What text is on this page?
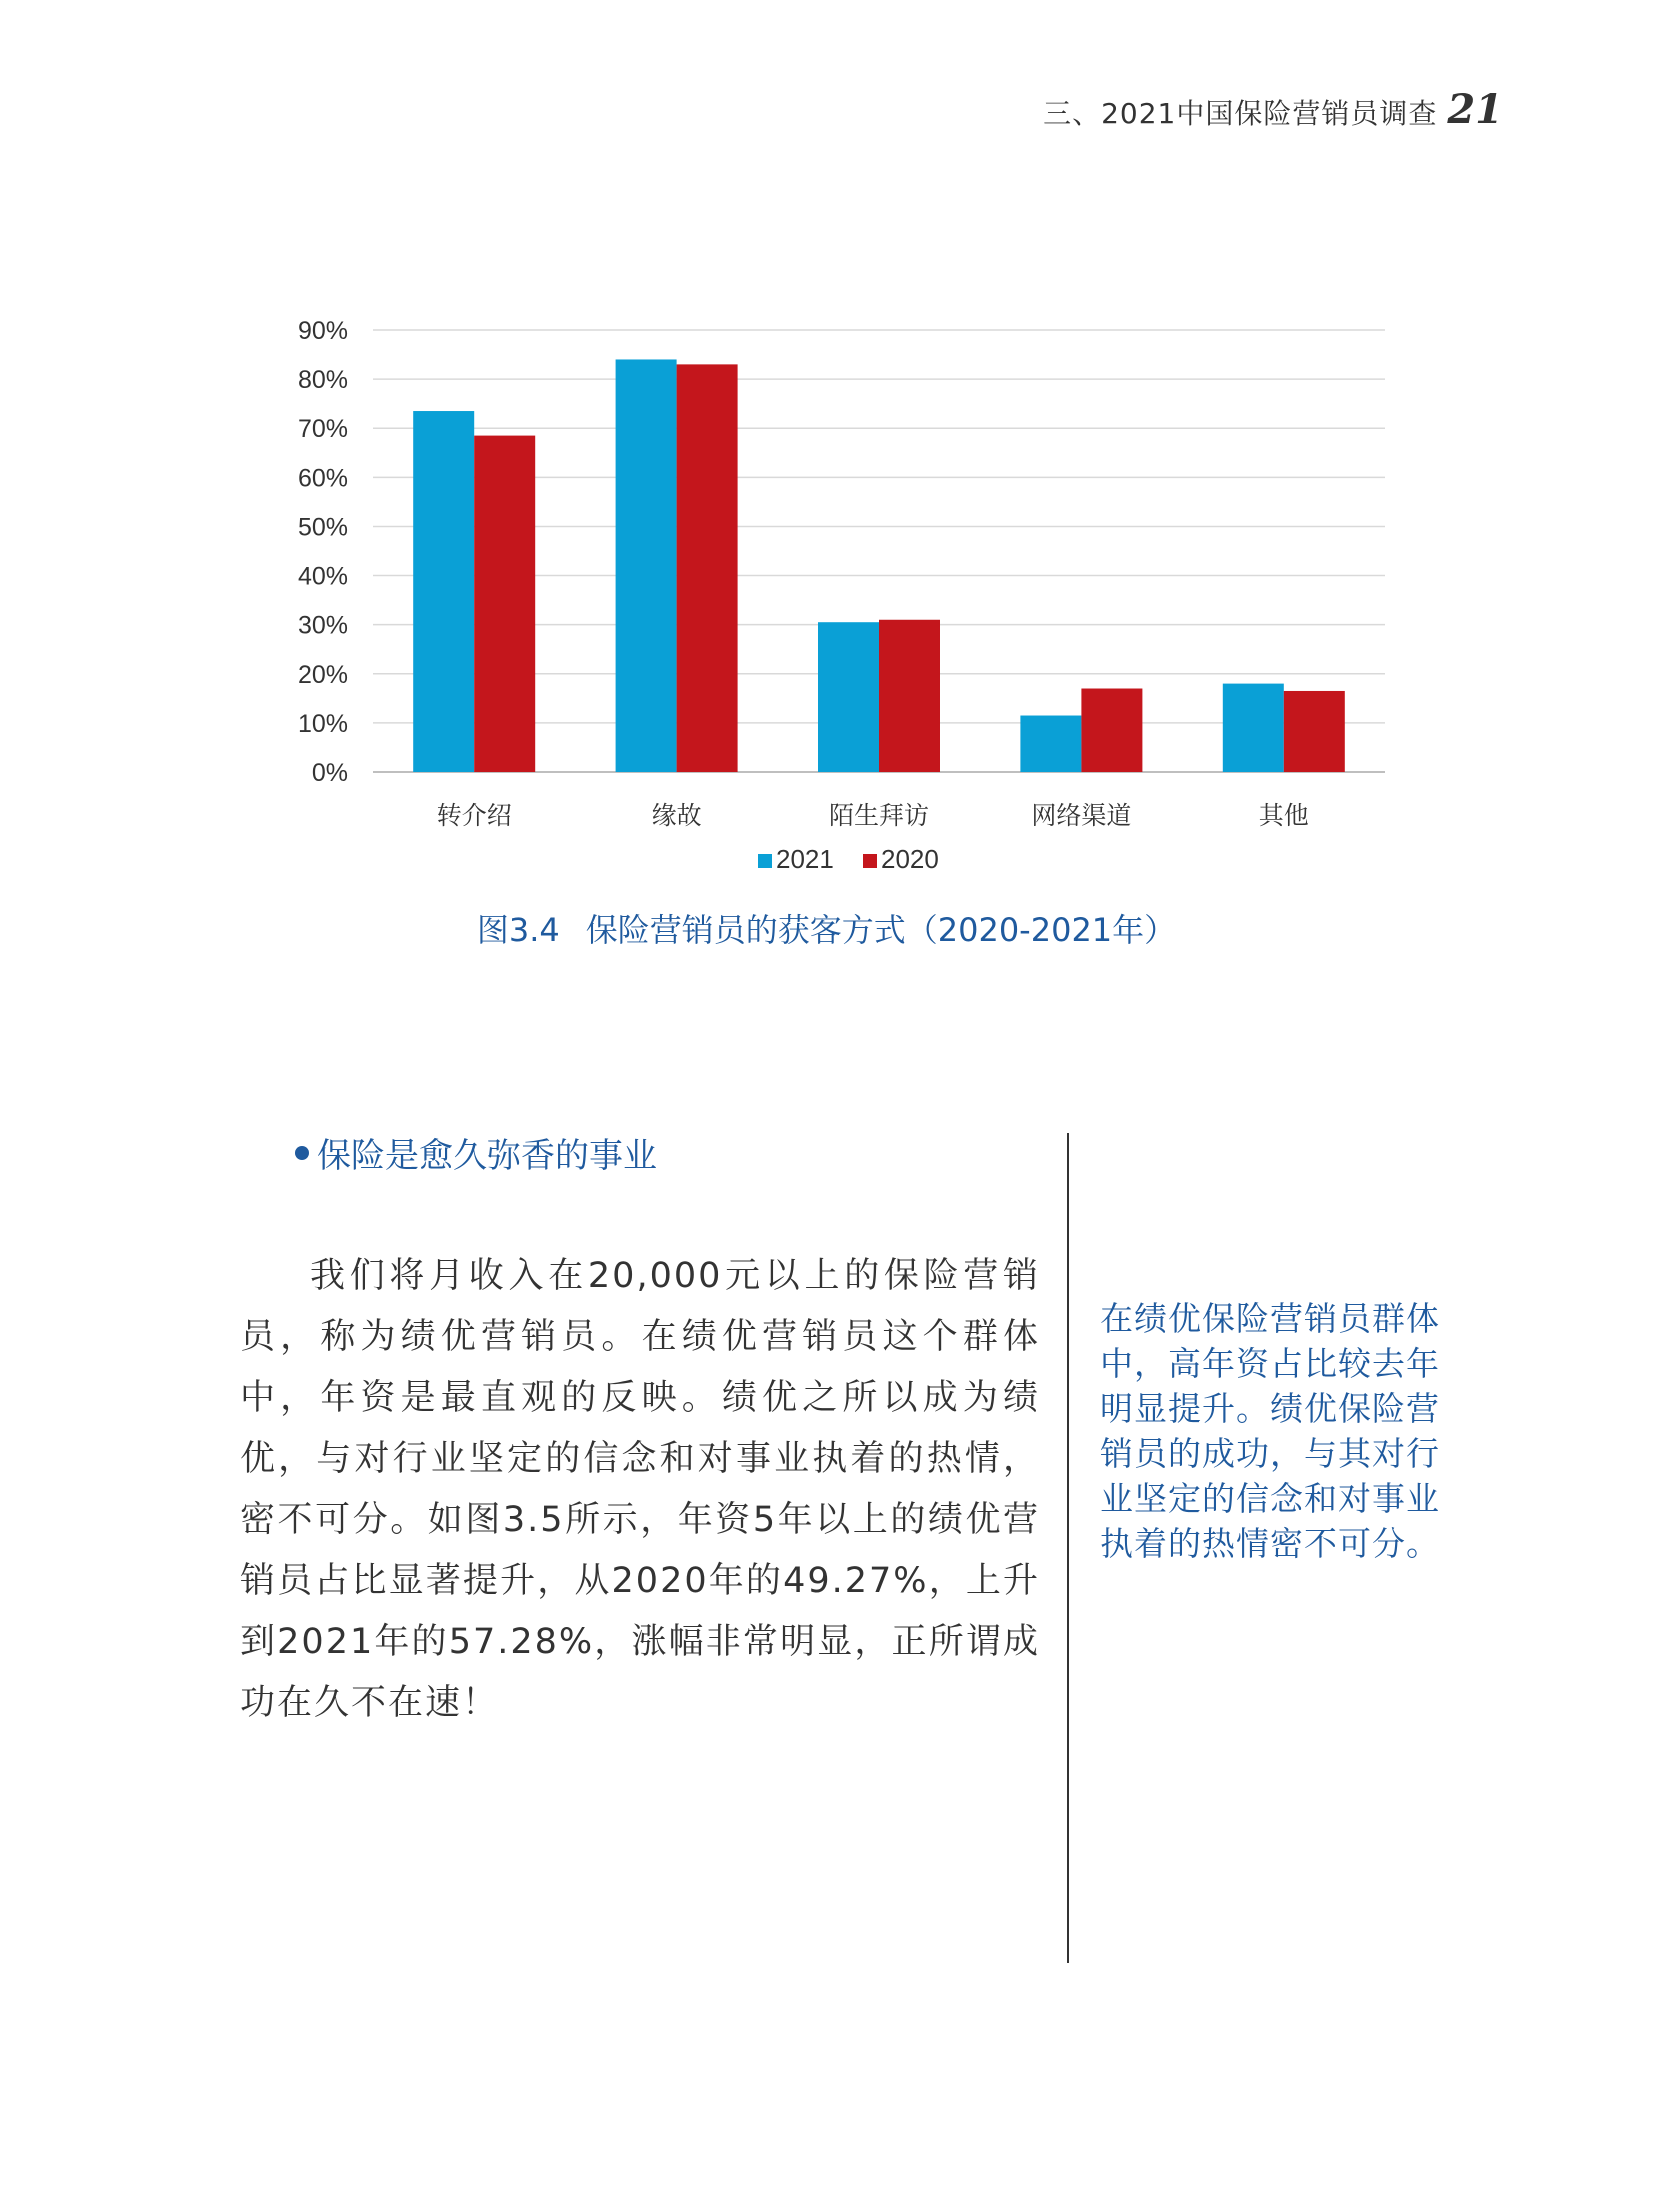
三、2021中国保险营销员调查 21
0%
10%
20%
30%
40%
50%
60%
70%
80%
90%
转介绍	缘故	陌生拜访	网络渠道	其他
2021 2020
图3.4 保险营销员的获客方式（2020-2021年）
保险是愈久弥香的事业
我们将月收入在20,000元以上的保险营销员，称为绩优营销员。在绩优营销员这个群体中，年资是最直观的反映。绩优之所以成为绩优，与对行业坚定的信念和对事业执着的热情，密不可分。如图3.5所示，年资5年以上的绩优营销员占比显著提升，从2020年的49.27%，上升到2021年的57.28%，涨幅非常明显，正所谓成功在久不在速！
在绩优保险营销员群体中，高年资占比较去年明显提升。绩优保险营销员的成功，与其对行业坚定的信念和对事业执着的热情密不可分。
